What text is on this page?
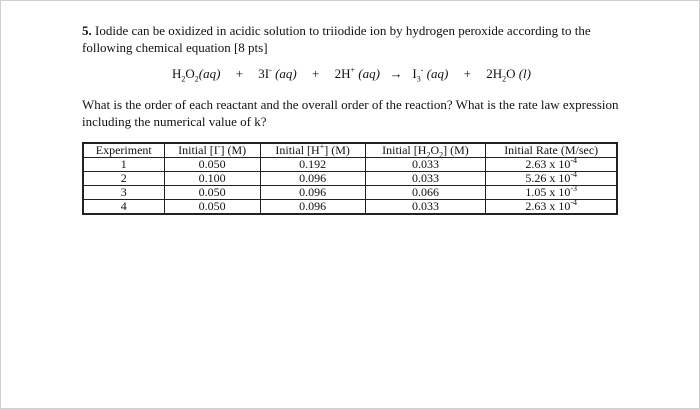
5. Iodide can be oxidized in acidic solution to triiodide ion by hydrogen peroxide according to the
following chemical equation [8 pts]
$H_2O_2(aq) + 3I^-$ (aq) + 2H+ $(aq) \to I_3^-$ $(aq) + 2H_2O$ (l)
What is the order of each reactant and the overall order of the reaction? What is the rate law expression
including the numerical value of k?
Experiment	Initial [I-] (M)	Initial [H+] (M)	Initial $[H_2O_2]$ (M)	Initial Rate (M/sec)
1	0.050	0.192	0.033	2.63 x $10^{-4}$
2	0.100	0.096	0.033	5.26 x $10^{-4}$
3	0.050	0.096	0.066	1.05 x $10^{-3}$
4	0.050	0.096	0.033	2.63 x $10^{-4}$
